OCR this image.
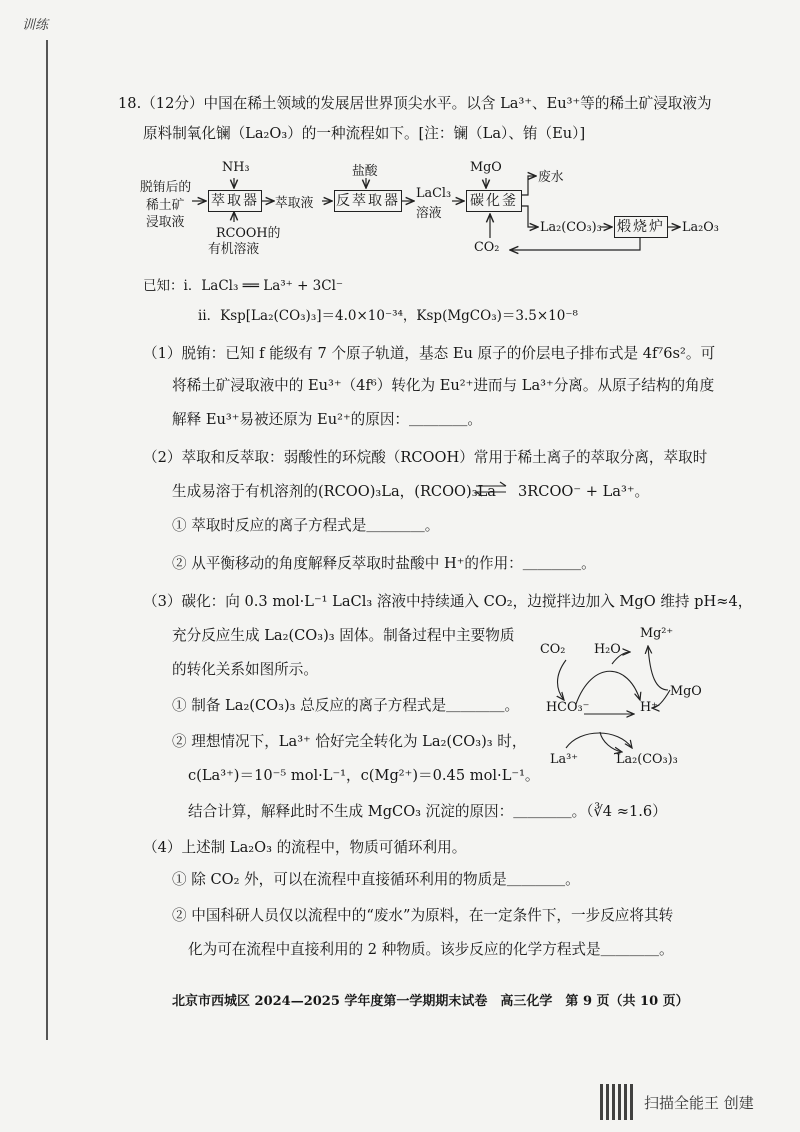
训练
18.（12分）中国在稀土领域的发展居世界顶尖水平。以含 La³⁺、Eu³⁺等的稀土矿浸取液为
原料制氧化镧（La₂O₃）的一种流程如下。[注：镧（La）、铕（Eu）]
脱铕后的
稀土矿
浸取液
NH₃
萃取器
RCOOH的
有机溶液
萃取液
盐酸
反萃取器 LaCl₃
溶液
MgO
碳化釜
废水
CO₂
La₂(CO₃)₃ 煅烧炉 La₂O₃
已知：ⅰ．LaCl₃ ══ La³⁺ + 3Cl⁻
ⅱ．Ksp[La₂(CO₃)₃]＝4.0×10⁻³⁴，Ksp(MgCO₃)＝3.5×10⁻⁸
（1）脱铕：已知 f 能级有 7 个原子轨道，基态 Eu 原子的价层电子排布式是 4f⁷6s²。可
将稀土矿浸取液中的 Eu³⁺（4f⁶）转化为 Eu²⁺进而与 La³⁺分离。从原子结构的角度
解释 Eu³⁺易被还原为 Eu²⁺的原因：＿＿＿＿。
（2）萃取和反萃取：弱酸性的环烷酸（RCOOH）常用于稀土离子的萃取分离，萃取时
生成易溶于有机溶剂的(RCOO)₃La，(RCOO)₃La 3RCOO⁻ + La³⁺。
① 萃取时反应的离子方程式是＿＿＿＿。
② 从平衡移动的角度解释反萃取时盐酸中 H⁺的作用：＿＿＿＿。
（3）碳化：向 0.3 mol·L⁻¹ LaCl₃ 溶液中持续通入 CO₂，边搅拌边加入 MgO 维持 pH≈4，
充分反应生成 La₂(CO₃)₃ 固体。制备过程中主要物质
的转化关系如图所示。
① 制备 La₂(CO₃)₃ 总反应的离子方程式是＿＿＿＿。
② 理想情况下，La³⁺ 恰好完全转化为 La₂(CO₃)₃ 时，
c(La³⁺)＝10⁻⁵ mol·L⁻¹，c(Mg²⁺)＝0.45 mol·L⁻¹。
结合计算，解释此时不生成 MgCO₃ 沉淀的原因：＿＿＿＿。（∛4 ≈1.6）
CO₂ H₂O
Mg²⁺
MgO
HCO₃⁻	H⁺
La³⁺	La₂(CO₃)₃
（4）上述制 La₂O₃ 的流程中，物质可循环利用。
① 除 CO₂ 外，可以在流程中直接循环利用的物质是＿＿＿＿。
② 中国科研人员仅以流程中的“废水”为原料，在一定条件下，一步反应将其转
化为可在流程中直接利用的 2 种物质。该步反应的化学方程式是＿＿＿＿。
北京市西城区 2024—2025 学年度第一学期期末试卷　高三化学　第 9 页（共 10 页）
扫描全能王 创建
